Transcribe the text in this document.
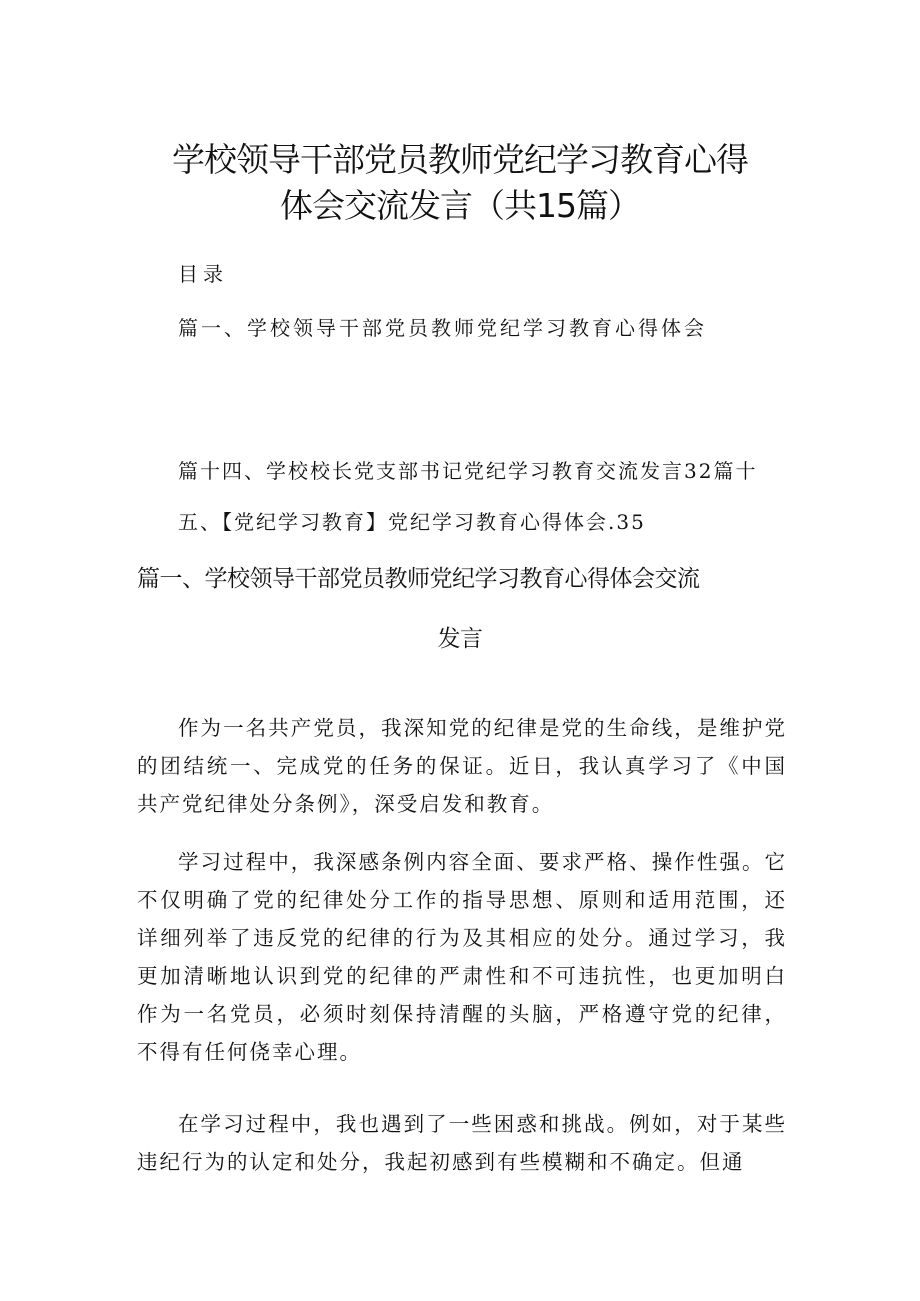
学校领导干部党员教师党纪学习教育心得
体会交流发言（共15篇）
目录
篇一、学校领导干部党员教师党纪学习教育心得体会
篇十四、学校校长党支部书记党纪学习教育交流发言32篇十
五、【党纪学习教育】党纪学习教育心得体会.35
篇一、学校领导干部党员教师党纪学习教育心得体会交流
发言

作为一名共产党员，我深知党的纪律是党的生命线，是维护党的团结统一、完成党的任务的保证。近日，我认真学习了《中国共产党纪律处分条例》，深受启发和教育。

学习过程中，我深感条例内容全面、要求严格、操作性强。它不仅明确了党的纪律处分工作的指导思想、原则和适用范围，还详细列举了违反党的纪律的行为及其相应的处分。通过学习，我更加清晰地认识到党的纪律的严肃性和不可违抗性，也更加明白作为一名党员，必须时刻保持清醒的头脑，严格遵守党的纪律，不得有任何侥幸心理。

在学习过程中，我也遇到了一些困惑和挑战。例如，对于某些违纪行为的认定和处分，我起初感到有些模糊和不确定。但通
